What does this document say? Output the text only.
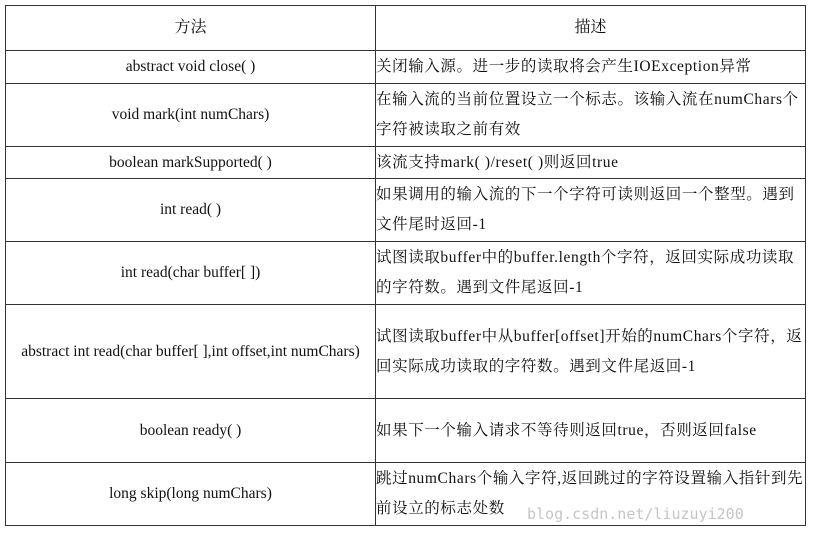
方法	描述
abstract void close( )	关闭输入源。进一步的读取将会产生IOException异常
void mark(int numChars)	在输入流的当前位置设立一个标志。该输入流在numChars个字符被读取之前有效
boolean markSupported( )	该流支持mark( )/reset( )则返回true
int read( )	如果调用的输入流的下一个字符可读则返回一个整型。遇到文件尾时返回-1
int read(char buffer[ ])	试图读取buffer中的buffer.length个字符，返回实际成功读取的字符数。遇到文件尾返回-1
abstract int read(char buffer[ ],int offset,int numChars)	试图读取buffer中从buffer[offset]开始的numChars个字符，返回实际成功读取的字符数。遇到文件尾返回-1
boolean ready( )	如果下一个输入请求不等待则返回true，否则返回false
long skip(long numChars)	跳过numChars个输入字符,返回跳过的字符设置输入指针到先前设立的标志处数 blog.csdn.net/liuzuyi200
